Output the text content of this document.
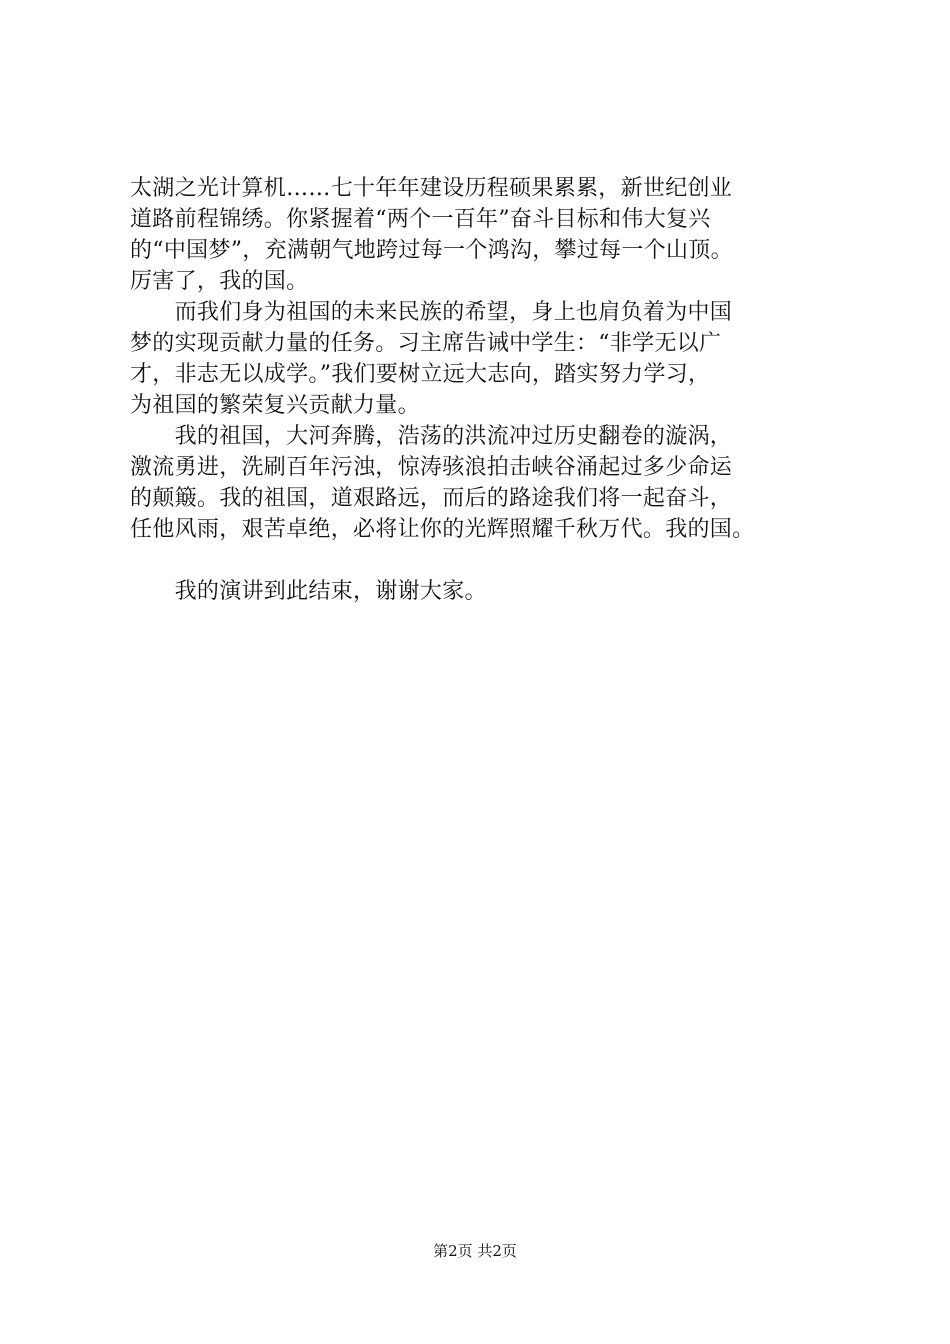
太湖之光计算机……七十年年建设历程硕果累累，新世纪创业
道路前程锦绣。你紧握着“两个一百年”奋斗目标和伟大复兴
的“中国梦”，充满朝气地跨过每一个鸿沟，攀过每一个山顶。
厉害了，我的国。
　　而我们身为祖国的未来民族的希望，身上也肩负着为中国
梦的实现贡献力量的任务。习主席告诫中学生：“非学无以广
才，非志无以成学。”我们要树立远大志向，踏实努力学习，
为祖国的繁荣复兴贡献力量。
　　我的祖国，大河奔腾，浩荡的洪流冲过历史翻卷的漩涡，
激流勇进，洗刷百年污浊，惊涛骇浪拍击峡谷涌起过多少命运
的颠簸。我的祖国，道艰路远，而后的路途我们将一起奋斗，
任他风雨，艰苦卓绝，必将让你的光辉照耀千秋万代。我的国。
　　我的演讲到此结束，谢谢大家。
第2页 共2页
